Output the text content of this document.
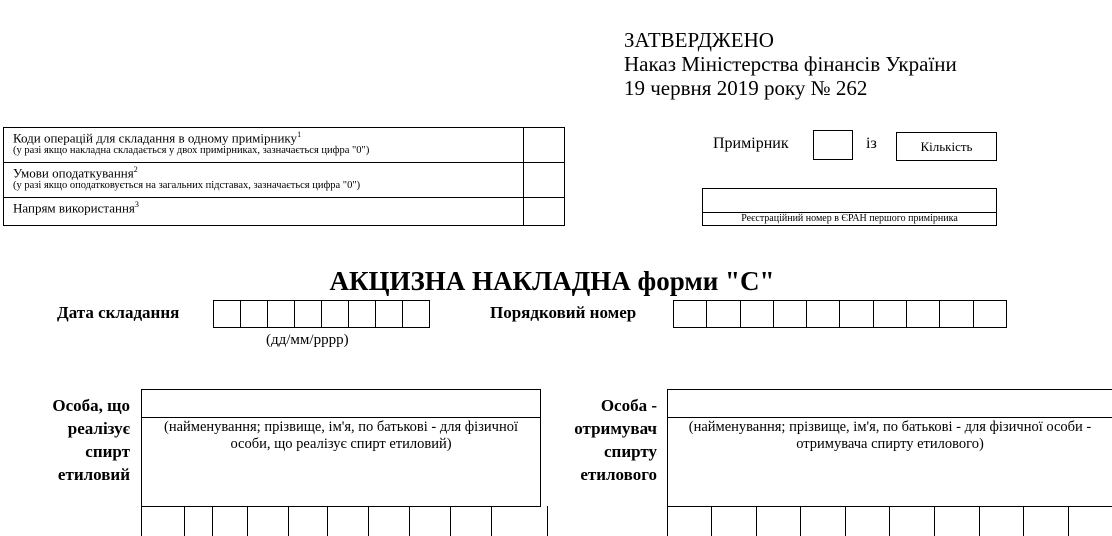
ЗАТВЕРДЖЕНО
Наказ Міністерства фінансів України
19 червня 2019 року № 262
Коди операцій для складання в одному примірнику$^1$
(у разі якщо накладна складається у двох примірниках, зазначається цифра "0")	

Умови оподаткування$^2$
(у разі якщо оподатковується на загальних підставах, зазначається цифра "0")	

Напрям використання$^3$

Примірник	із	Кількість
Реєстраційний номер в ЄРАН першого примірника
АКЦИЗНА НАКЛАДНА форми "С"
Дата складання
(дд/мм/рррр)
Порядковий номер
Особа, що
реалізує
спирт
етиловий
(найменування; прізвище, ім'я, по батькові - для фізичної особи, що реалізує спирт етиловий)
Особа -
отримувач
спирту
етилового
(найменування; прізвище, ім'я, по батькові - для фізичної особи - отримувача спирту етилового)
